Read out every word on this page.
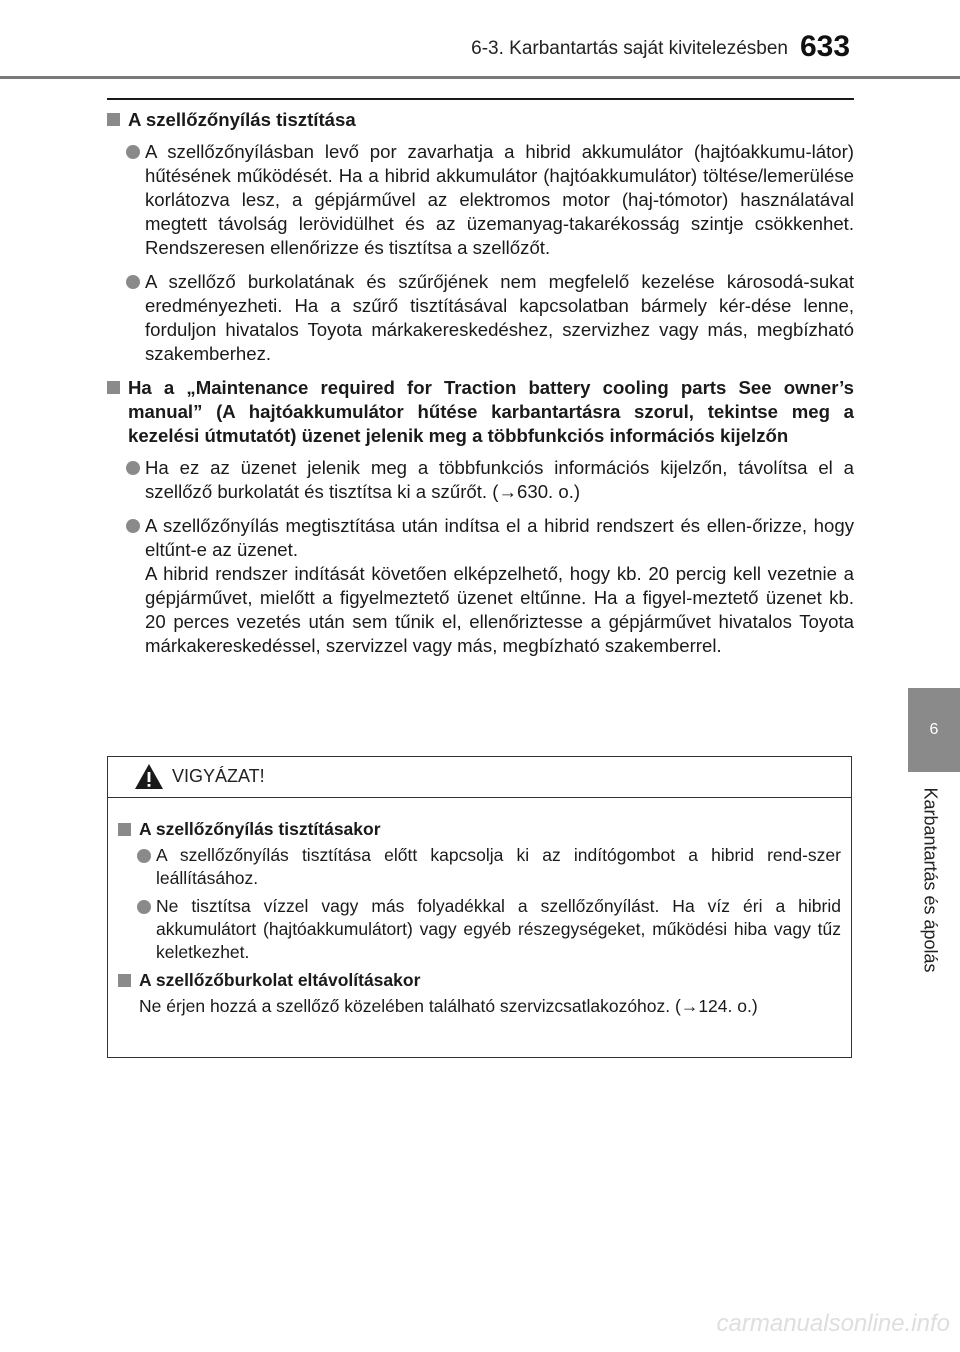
6-3. Karbantartás saját kivitelezésben 633
6
Karbantartás és ápolás
A szellőzőnyílás tisztítása

A szellőzőnyílásban levő por zavarhatja a hibrid akkumulátor (hajtóakkumu-látor) hűtésének működését. Ha a hibrid akkumulátor (hajtóakkumulátor) töltése/lemerülése korlátozva lesz, a gépjárművel az elektromos motor (haj-tómotor) használatával megtett távolság lerövidülhet és az üzemanyag-takarékosság szintje csökkenhet. Rendszeresen ellenőrizze és tisztítsa a szellőzőt.

A szellőző burkolatának és szűrőjének nem megfelelő kezelése károsodá-sukat eredményezheti. Ha a szűrő tisztításával kapcsolatban bármely kér-dése lenne, forduljon hivatalos Toyota márkakereskedéshez, szervizhez vagy más, megbízható szakemberhez.

Ha a „Maintenance required for Traction battery cooling parts See owner’s manual” (A hajtóakkumulátor hűtése karbantartásra szorul, tekintse meg a kezelési útmutatót) üzenet jelenik meg a többfunkciós információs kijelzőn

Ha ez az üzenet jelenik meg a többfunkciós információs kijelzőn, távolítsa el a szellőző burkolatát és tisztítsa ki a szűrőt. (→630. o.)

A szellőzőnyílás megtisztítása után indítsa el a hibrid rendszert és ellen-őrizze, hogy eltűnt-e az üzenet.

A hibrid rendszer indítását követően elképzelhető, hogy kb. 20 percig kell vezetnie a gépjárművet, mielőtt a figyelmeztető üzenet eltűnne. Ha a figyel-meztető üzenet kb. 20 perces vezetés után sem tűnik el, ellenőriztesse a gépjárművet hivatalos Toyota márkakereskedéssel, szervizzel vagy más, megbízható szakemberrel.

VIGYÁZAT!
A szellőzőnyílás tisztításakor

A szellőzőnyílás tisztítása előtt kapcsolja ki az indítógombot a hibrid rend-szer leállításához.

Ne tisztítsa vízzel vagy más folyadékkal a szellőzőnyílást. Ha víz éri a hibrid akkumulátort (hajtóakkumulátort) vagy egyéb részegységeket, működési hiba vagy tűz keletkezhet.

A szellőzőburkolat eltávolításakor
Ne érjen hozzá a szellőző közelében található szervizcsatlakozóhoz. (→124. o.)
carmanualsonline.info
